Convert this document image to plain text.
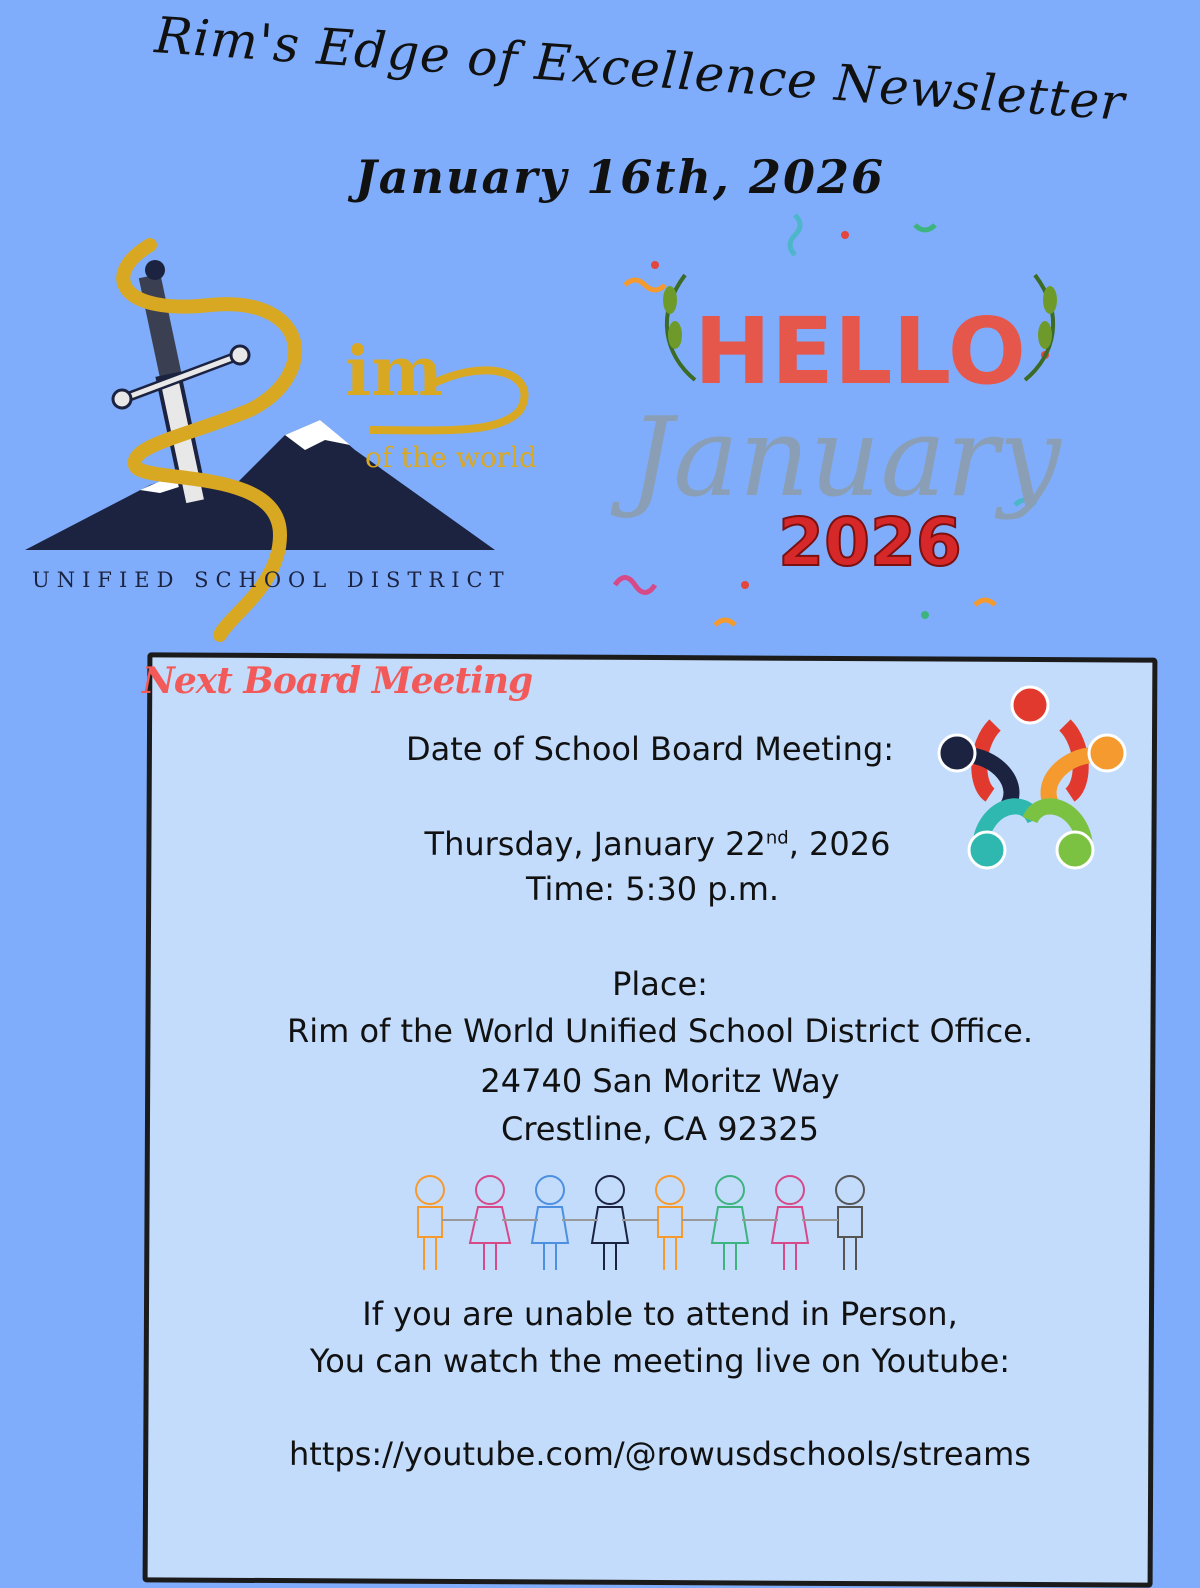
Rim's Edge of Excellence Newsletter
January 16th, 2026
im
of the world
UNIFIED SCHOOL DISTRICT
HELLO
January
2026
Next Board Meeting
Date of School Board Meeting:
Thursday, January 22nd, 2026
Time: 5:30 p.m.
Place:
Rim of the World Unified School District Office.
24740 San Moritz Way
Crestline, CA 92325
If you are unable to attend in Person,
You can watch the meeting live on Youtube:
https://youtube.com/@rowusdschools/streams
